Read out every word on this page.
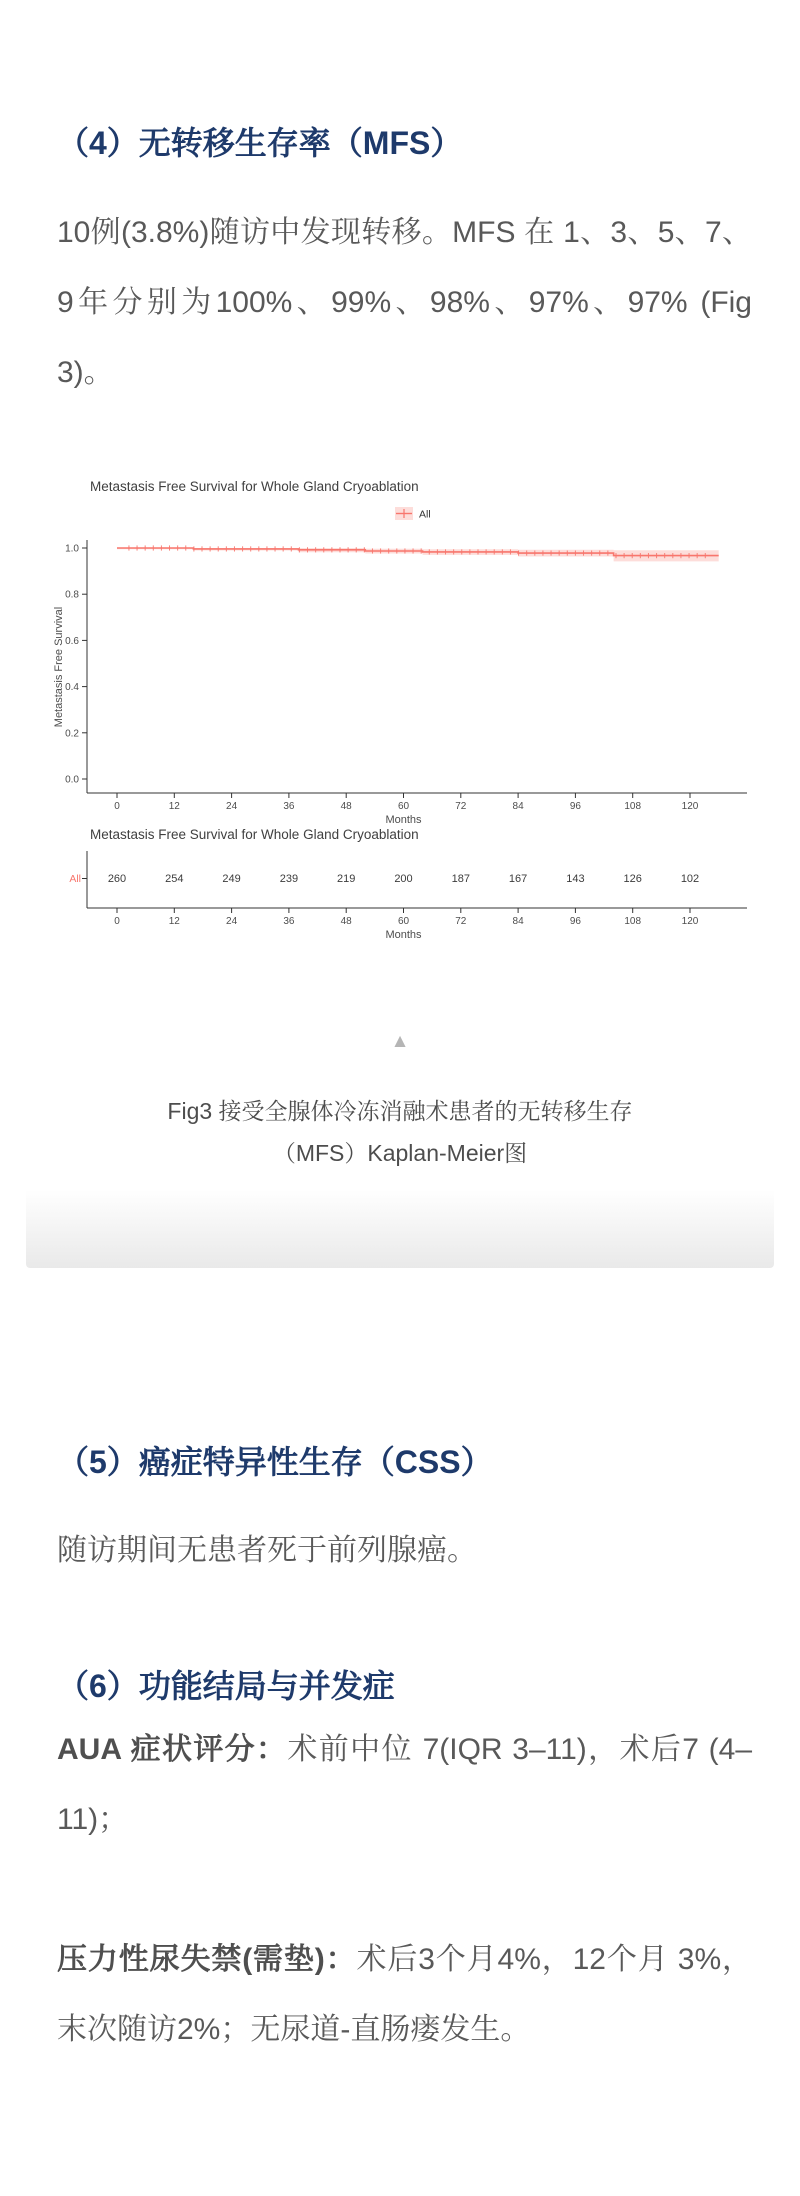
（4）无转移生存率（MFS）

10例(3.8%)随访中发现转移。MFS 在 1、3、5、7、9年分别为100%、99%、98%、97%、97% (Fig 3)。

Metastasis Free Survival for Whole Gland Cryoablation
All
1.0
0.8
0.6
0.4
0.2
0.0
Metastasis Free Survival
0	12	24	36	48	60	72	84	96	108	120
Months
Metastasis Free Survival for Whole Gland Cryoablation
All 260	254	249	239	219	200	187	167	143	126	102
0	12	24	36	48	60	72	84	96	108	120
Months
▲
Fig3 接受全腺体冷冻消融术患者的无转移生存
（MFS）Kaplan-Meier图
（5）癌症特异性生存（CSS）

随访期间无患者死于前列腺癌。

（6）功能结局与并发症

AUA 症状评分：术前中位 7(IQR 3–11)，术后7 (4–11)；

压力性尿失禁(需垫)：术后3个月4%，12个月 3%，末次随访2%；无尿道-直肠瘘发生。
